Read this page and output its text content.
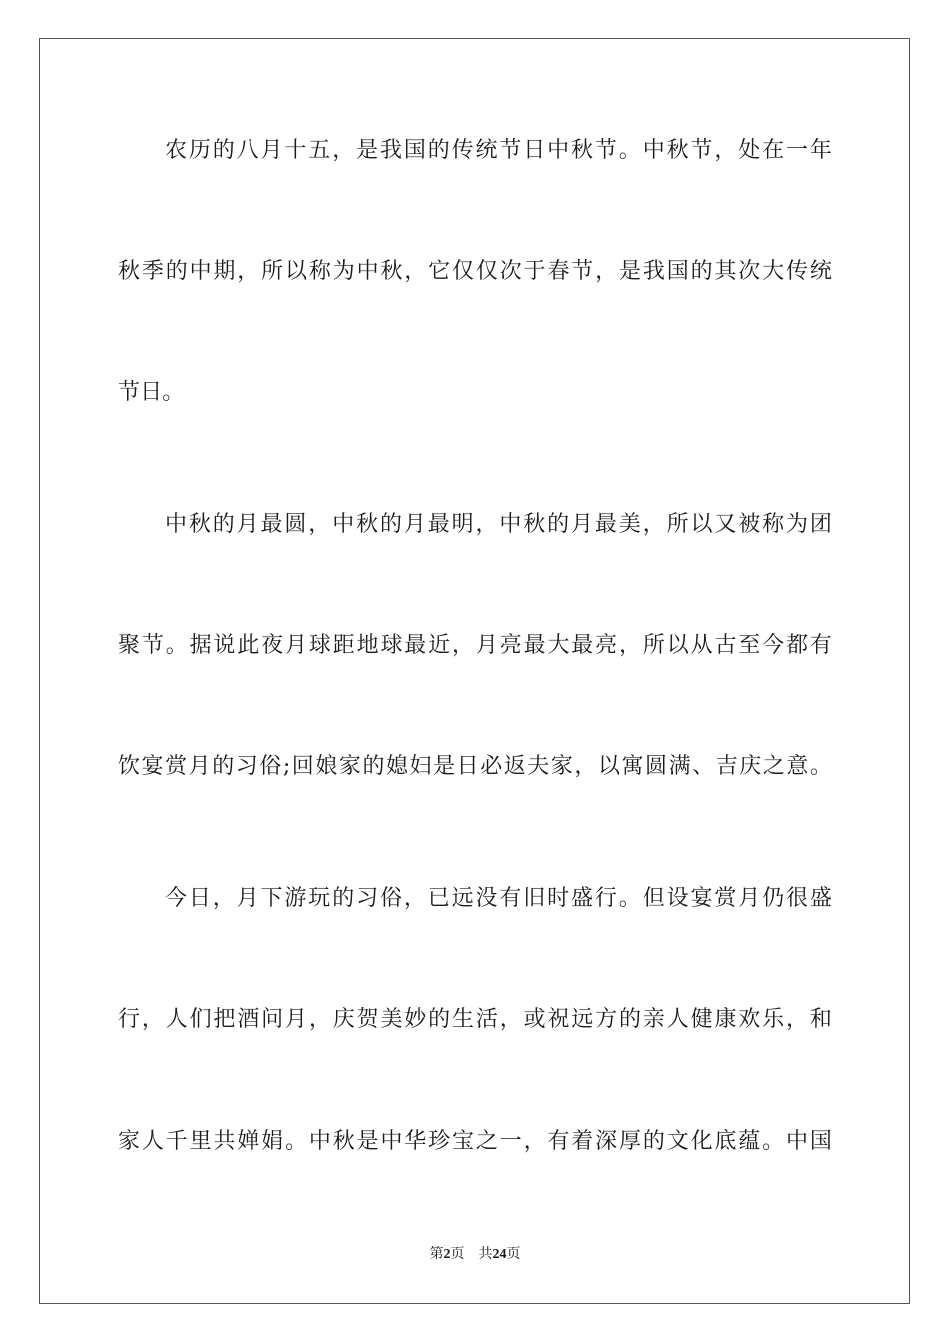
农历的八月十五，是我国的传统节日中秋节。中秋节，处在一年
秋季的中期，所以称为中秋，它仅仅次于春节，是我国的其次大传统
节日。
中秋的月最圆，中秋的月最明，中秋的月最美，所以又被称为团
聚节。据说此夜月球距地球最近，月亮最大最亮，所以从古至今都有
饮宴赏月的习俗;回娘家的媳妇是日必返夫家，以寓圆满、吉庆之意。
今日，月下游玩的习俗，已远没有旧时盛行。但设宴赏月仍很盛
行，人们把酒问月，庆贺美妙的生活，或祝远方的亲人健康欢乐，和
家人千里共婵娟。中秋是中华珍宝之一，有着深厚的文化底蕴。中国
第2页 共24页
